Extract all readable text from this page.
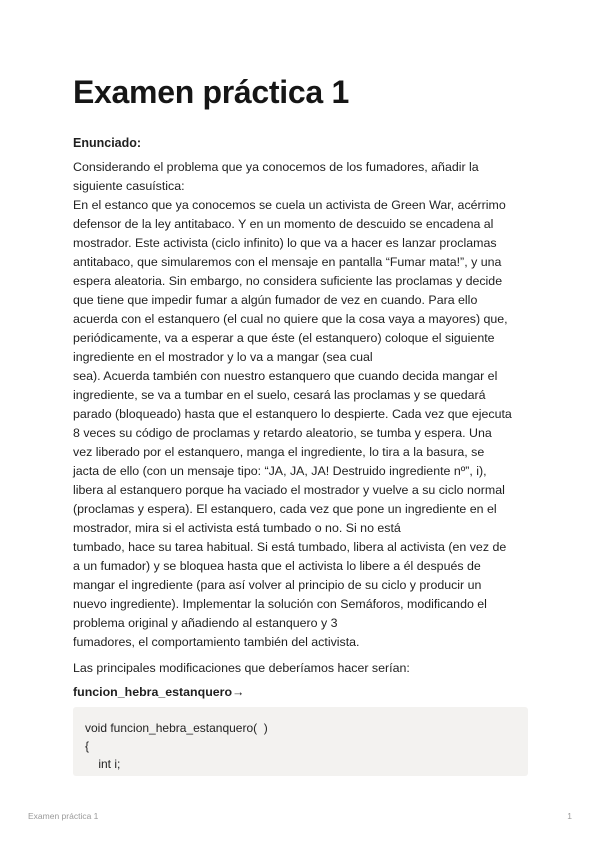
Examen práctica 1
Enunciado:
Considerando el problema que ya conocemos de los fumadores, añadir la
siguiente casuística:
En el estanco que ya conocemos se cuela un activista de Green War, acérrimo
defensor de la ley antitabaco. Y en un momento de descuido se encadena al
mostrador. Este activista (ciclo infinito) lo que va a hacer es lanzar proclamas
antitabaco, que simularemos con el mensaje en pantalla “Fumar mata!”, y una
espera aleatoria. Sin embargo, no considera suficiente las proclamas y decide
que tiene que impedir fumar a algún fumador de vez en cuando. Para ello
acuerda con el estanquero (el cual no quiere que la cosa vaya a mayores) que,
periódicamente, va a esperar a que éste (el estanquero) coloque el siguiente
ingrediente en el mostrador y lo va a mangar (sea cual
sea). Acuerda también con nuestro estanquero que cuando decida mangar el
ingrediente, se va a tumbar en el suelo, cesará las proclamas y se quedará
parado (bloqueado) hasta que el estanquero lo despierte. Cada vez que ejecuta
8 veces su código de proclamas y retardo aleatorio, se tumba y espera. Una
vez liberado por el estanquero, manga el ingrediente, lo tira a la basura, se
jacta de ello (con un mensaje tipo: “JA, JA, JA! Destruido ingrediente nº”, i),
libera al estanquero porque ha vaciado el mostrador y vuelve a su ciclo normal
(proclamas y espera). El estanquero, cada vez que pone un ingrediente en el
mostrador, mira si el activista está tumbado o no. Si no está
tumbado, hace su tarea habitual. Si está tumbado, libera al activista (en vez de
a un fumador) y se bloquea hasta que el activista lo libere a él después de
mangar el ingrediente (para así volver al principio de su ciclo y producir un
nuevo ingrediente). Implementar la solución con Semáforos, modificando el
problema original y añadiendo al estanquero y 3
fumadores, el comportamiento también del activista.

Las principales modificaciones que deberíamos hacer serían:

funcion_hebra_estanquero→
void funcion_hebra_estanquero(  )
{
int i;
Examen práctica 1	1
